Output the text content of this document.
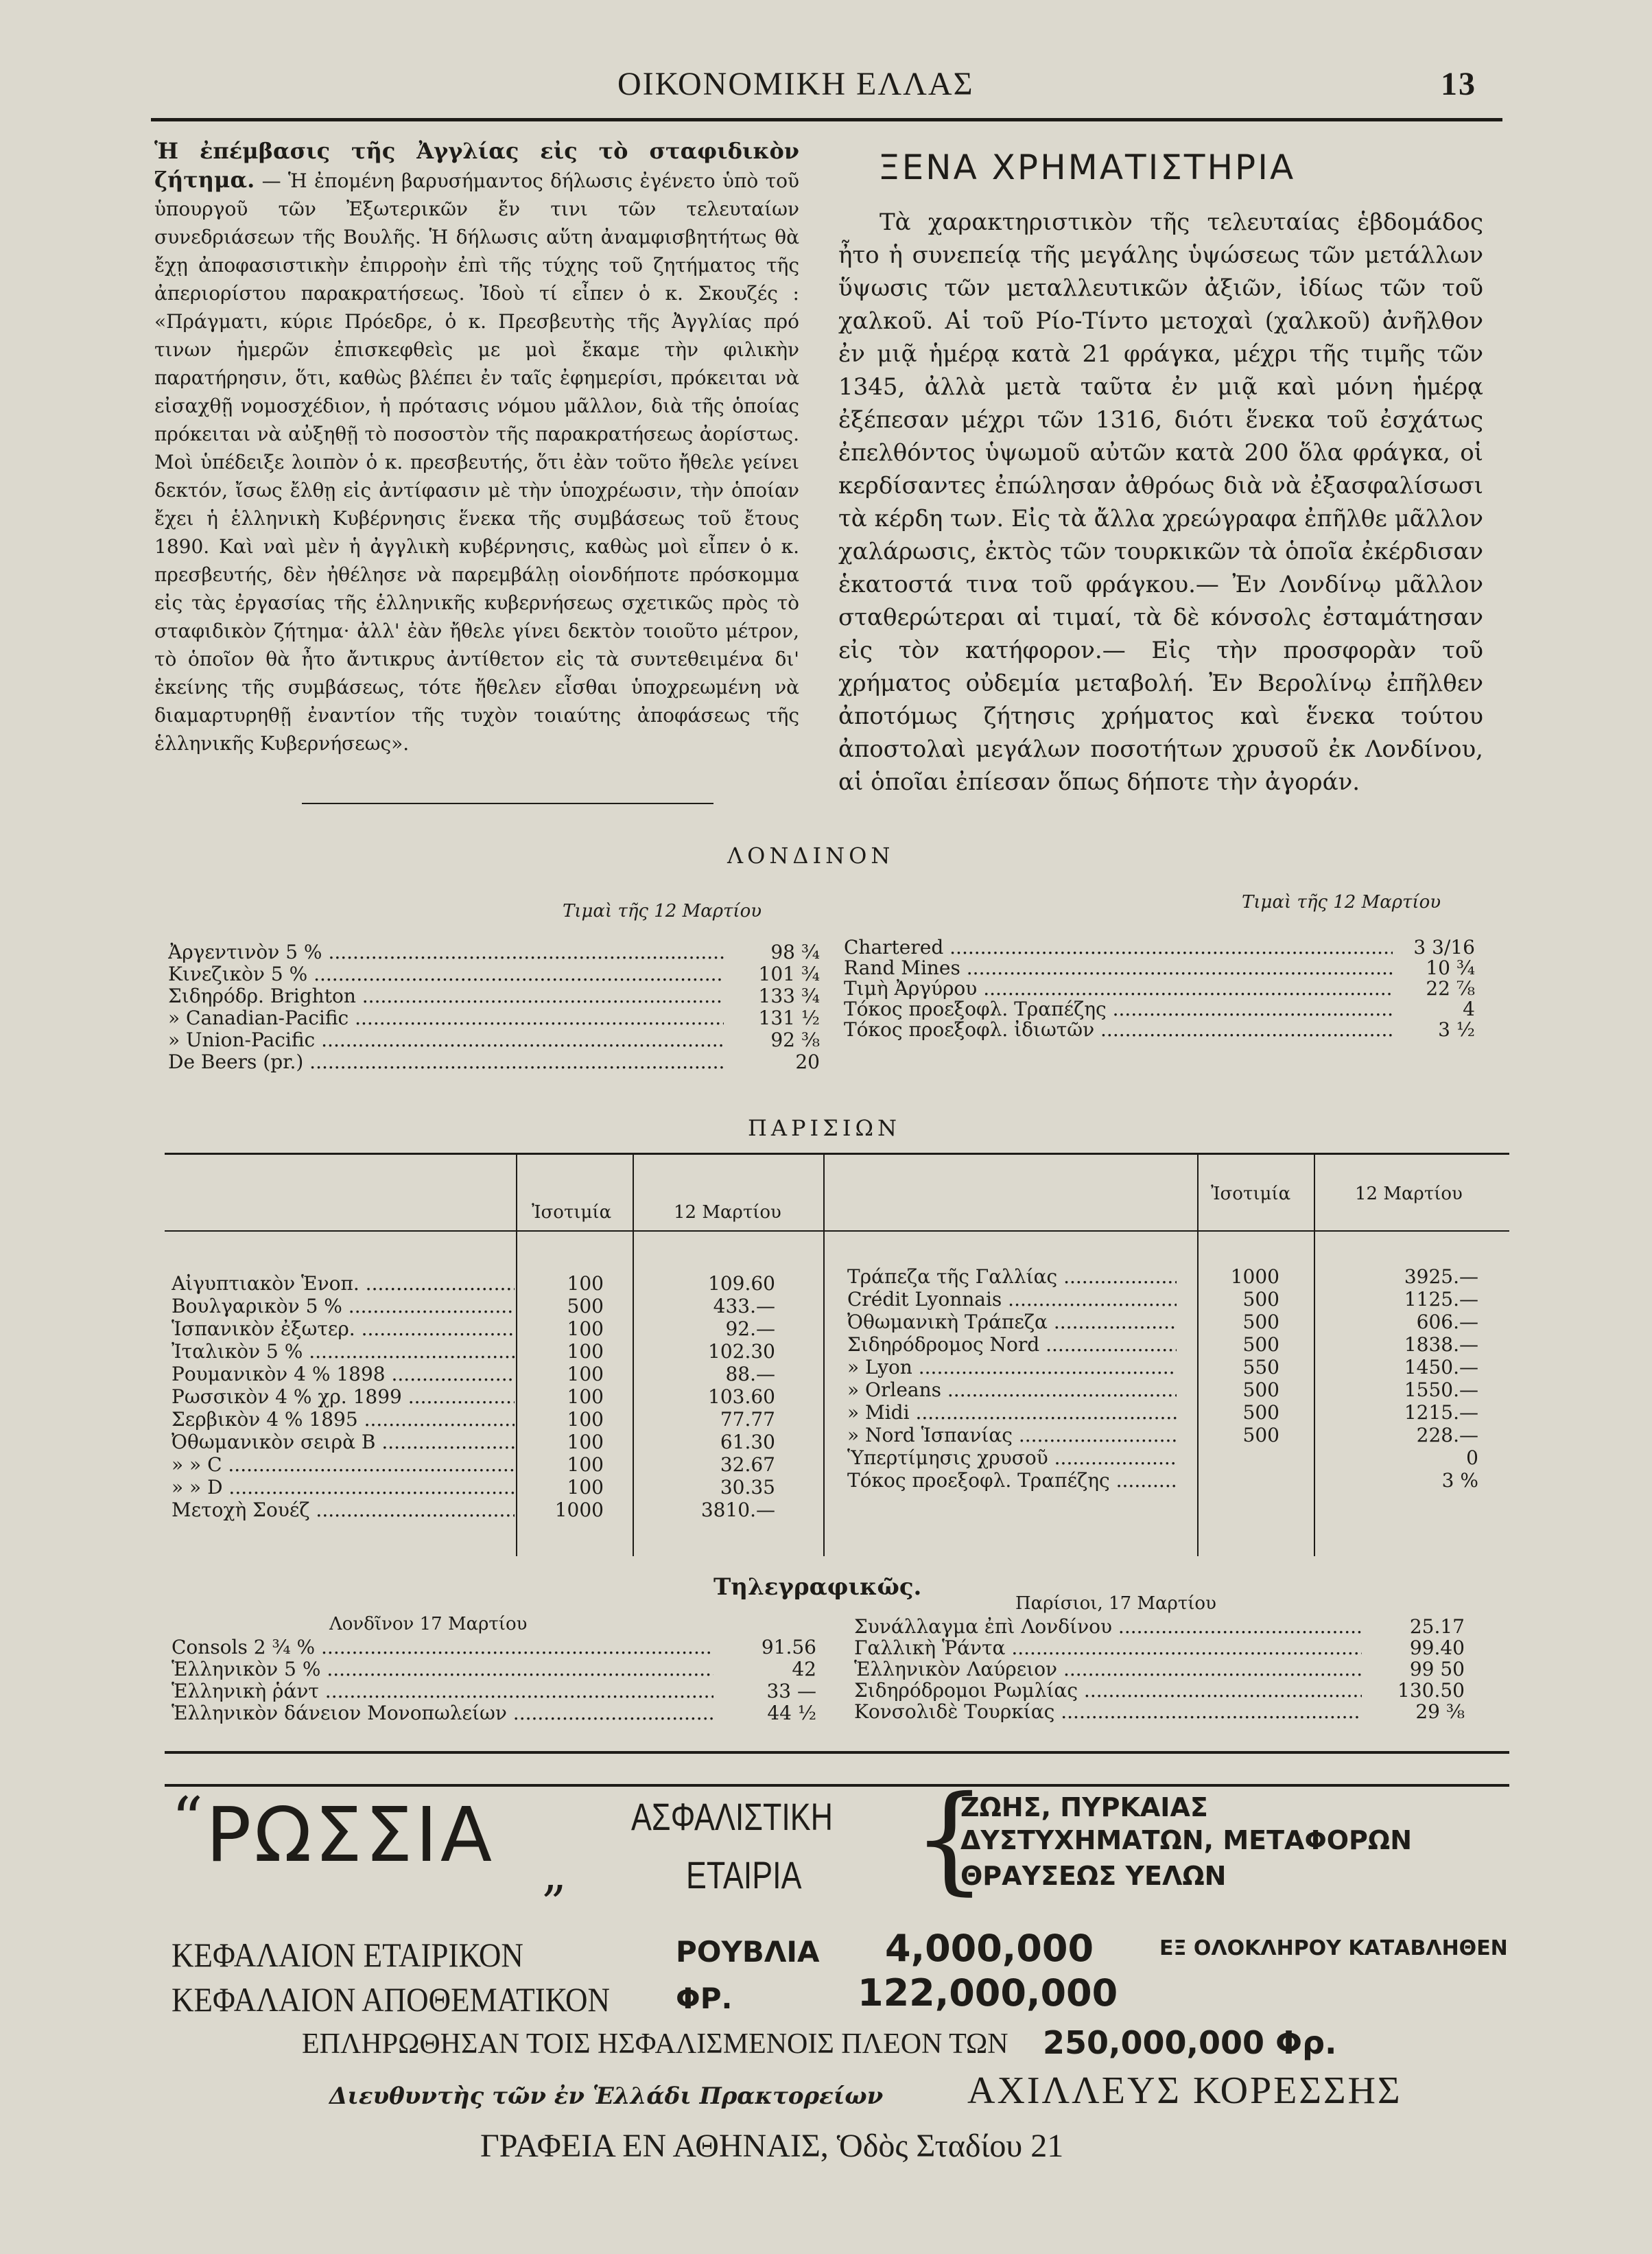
ΟΙΚΟΝΟΜΙΚΗ ΕΛΛΑΣ	13
Ἡ ἐπέμβασις τῆς Ἀγγλίας εἰς τὸ σταφιδικὸν ζήτημα. — Ἡ ἐπομένη βαρυσήμαντος δήλωσις ἐγένετο ὑπὸ τοῦ ὑπουργοῦ τῶν Ἐξωτερικῶν ἔν τινι τῶν τελευταίων συνεδριάσεων τῆς Βουλῆς. Ἡ δήλωσις αὕτη ἀναμφισβητήτως θὰ ἔχῃ ἀποφασιστικὴν ἐπιρροὴν ἐπὶ τῆς τύχης τοῦ ζητήματος τῆς ἀπεριορίστου παρακρατήσεως. Ἰδοὺ τί εἶπεν ὁ κ. Σκουζές : «Πράγματι, κύριε Πρόεδρε, ὁ κ. Πρεσβευτὴς τῆς Ἀγγλίας πρό τινων ἡμερῶν ἐπισκεφθεὶς με μοὶ ἔκαμε τὴν φιλικὴν παρατήρησιν, ὅτι, καθὼς βλέπει ἐν ταῖς ἐφημερίσι, πρόκειται νὰ εἰσαχθῇ νομοσχέδιον, ἡ πρότασις νόμου μᾶλλον, διὰ τῆς ὁποίας πρόκειται νὰ αὐξηθῇ τὸ ποσοστὸν τῆς παρακρατήσεως ἀορίστως. Μοὶ ὑπέδειξε λοιπὸν ὁ κ. πρεσβευτής, ὅτι ἐὰν τοῦτο ἤθελε γείνει δεκτόν, ἴσως ἔλθῃ εἰς ἀντίφασιν μὲ τὴν ὑποχρέωσιν, τὴν ὁποίαν ἔχει ἡ ἑλληνικὴ Κυβέρνησις ἕνεκα τῆς συμβάσεως τοῦ ἔτους 1890. Καὶ ναὶ μὲν ἡ ἀγγλικὴ κυβέρνησις, καθὼς μοὶ εἶπεν ὁ κ. πρεσβευτής, δὲν ἠθέλησε νὰ παρεμβάλῃ οἱονδήποτε πρόσκομμα εἰς τὰς ἐργασίας τῆς ἑλληνικῆς κυβερνήσεως σχετικῶς πρὸς τὸ σταφιδικὸν ζήτημα· ἀλλ' ἐὰν ἤθελε γίνει δεκτὸν τοιοῦτο μέτρον, τὸ ὁποῖον θὰ ἦτο ἄντικρυς ἀντίθετον εἰς τὰ συντεθειμένα δι' ἐκείνης τῆς συμβάσεως, τότε ἤθελεν εἶσθαι ὑποχρεωμένη νὰ διαμαρτυρηθῇ ἐναντίον τῆς τυχὸν τοιαύτης ἀποφάσεως τῆς ἑλληνικῆς Κυβερνήσεως».
ΞΕΝΑ ΧΡΗΜΑΤΙΣΤΗΡΙΑ
Τὰ χαρακτηριστικὸν τῆς τελευταίας ἑβδομάδος ἦτο ἡ συνεπείᾳ τῆς μεγάλης ὑψώσεως τῶν μετάλλων ὕψωσις τῶν μεταλλευτικῶν ἀξιῶν, ἰδίως τῶν τοῦ χαλκοῦ. Αἱ τοῦ Ρίο-Τίντο μετοχαὶ (χαλκοῦ) ἀνῆλθον ἐν μιᾷ ἡμέρᾳ κατὰ 21 φράγκα, μέχρι τῆς τιμῆς τῶν 1345, ἀλλὰ μετὰ ταῦτα ἐν μιᾷ καὶ μόνη ἡμέρᾳ ἐξέπεσαν μέχρι τῶν 1316, διότι ἕνεκα τοῦ ἐσχάτως ἐπελθόντος ὑψωμοῦ αὐτῶν κατὰ 200 ὅλα φράγκα, οἱ κερδίσαντες ἐπώλησαν ἀθρόως διὰ νὰ ἐξασφαλίσωσι τὰ κέρδη των. Εἰς τὰ ἄλλα χρεώγραφα ἐπῆλθε μᾶλλον χαλάρωσις, ἐκτὸς τῶν τουρκικῶν τὰ ὁποῖα ἐκέρδισαν ἑκατοστά τινα τοῦ φράγκου.— Ἐν Λονδίνῳ μᾶλλον σταθερώτεραι αἱ τιμαί, τὰ δὲ κόνσολς ἐσταμάτησαν εἰς τὸν κατήφορον.— Εἰς τὴν προσφορὰν τοῦ χρήματος οὐδεμία μεταβολή. Ἐν Βερολίνῳ ἐπῆλθεν ἀποτόμως ζήτησις χρήματος καὶ ἕνεκα τούτου ἀποστολαὶ μεγάλων ποσοτήτων χρυσοῦ ἐκ Λονδίνου, αἱ ὁποῖαι ἐπίεσαν ὅπως δήποτε τὴν ἀγοράν.
ΛΟΝΔΙΝΟΝ
Τιμαὶ τῆς 12 Μαρτίου	Τιμαὶ τῆς 12 Μαρτίου
Ἀργεντινὸν 5 % .....	98 ¾
Κινεζικὸν 5 % .....	101 ¾
Σιδηρόδρ. Brighton .....	133 ¾
» Canadian-Pacific .....	131 ½
» Union-Pacific .....	92 ⅜
De Beers (pr.) .....	20
Chartered .....	3 3/16
Rand Mines .....	10 ¾
Τιμὴ Ἀργύρου .....	22 ⅞
Τόκος προεξοφλ. Τραπέζης .....	4
Τόκος προεξοφλ. ἰδιωτῶν .....	3 ½
ΠΑΡΙΣΙΩΝ
Ἰσοτιμία	12 Μαρτίου
Ἰσοτιμία	12 Μαρτίου
Αἰγυπτιακὸν Ἑνοπ. .....	100	109.60
Βουλγαρικὸν 5 % .....	500	433.—
Ἱσπανικὸν ἐξωτερ. .....	100	92.—
Ἰταλικὸν 5 % .....	100	102.30
Ρουμανικὸν 4 % 1898 .....	100	88.—
Ρωσσικὸν 4 % χρ. 1899 .....	100	103.60
Σερβικὸν 4 % 1895 .....	100	77.77
Ὀθωμανικὸν σειρὰ B .....	100	61.30
» » C .....	100	32.67
» » D .....	100	30.35
Μετοχὴ Σουέζ .....	1000	3810.—
Τράπεζα τῆς Γαλλίας .....	1000	3925.—
Crédit Lyonnais .....	500	1125.—
Ὀθωμανικὴ Τράπεζα .....	500	606.—
Σιδηρόδρομος Nord .....	500	1838.—
» Lyon .....	550	1450.—
» Orleans .....	500	1550.—
» Midi .....	500	1215.—
» Nord Ἱσπανίας .....	500	228.—
Ὑπερτίμησις χρυσοῦ .....	0
Τόκος προεξοφλ. Τραπέζης .....	3 %
Τηλεγραφικῶς.
Λονδῖνον 17 Μαρτίου
Παρίσιοι, 17 Μαρτίου
Consols 2 ¾ % .....	91.56
Ἑλληνικὸν 5 % .....	42
Ἑλληνικὴ ῥάντ .....	33 —
Ἑλληνικὸν δάνειον Μονοπωλείων .....	44 ½
Συνάλλαγμα ἐπὶ Λονδίνου .....	25.17
Γαλλικὴ Ῥάντα .....	99.40
Ἑλληνικὸν Λαύρειον .....	99 50
Σιδηρόδρομοι Ρωμλίας .....	130.50
Κονσολιδὲ Τουρκίας .....	29 ⅜
“ ΡΩΣΣΙΑ „
ΑΣΦΑΛΙΣΤΙΚΗ
ΕΤΑΙΡΙΑ {
ΖΩΗΣ, ΠΥΡΚΑΙΑΣ
ΔΥΣΤΥΧΗΜΑΤΩΝ, ΜΕΤΑΦΟΡΩΝ
ΘΡΑΥΣΕΩΣ ΥΕΛΩΝ
ΚΕΦΑΛΑΙΟΝ ΕΤΑΙΡΙΚΟΝ	ΡΟΥΒΛΙΑ 4,000,000	ΕΞ ΟΛΟΚΛΗΡΟΥ ΚΑΤΑΒΛΗΘΕΝ
ΚΕΦΑΛΑΙΟΝ ΑΠΟΘΕΜΑΤΙΚΟΝ ΦΡ.	122,000,000
ΕΠΛΗΡΩΘΗΣΑΝ ΤΟΙΣ ΗΣΦΑΛΙΣΜΕΝΟΙΣ ΠΛΕΟΝ ΤΩΝ 250,000,000 Φρ.
Διευθυντὴς τῶν ἐν Ἑλλάδι Πρακτορείων ΑΧΙΛΛΕΥΣ ΚΟΡΕΣΣΗΣ
ΓΡΑΦΕΙΑ ΕΝ ΑΘΗΝΑΙΣ, Ὁδὸς Σταδίου 21
